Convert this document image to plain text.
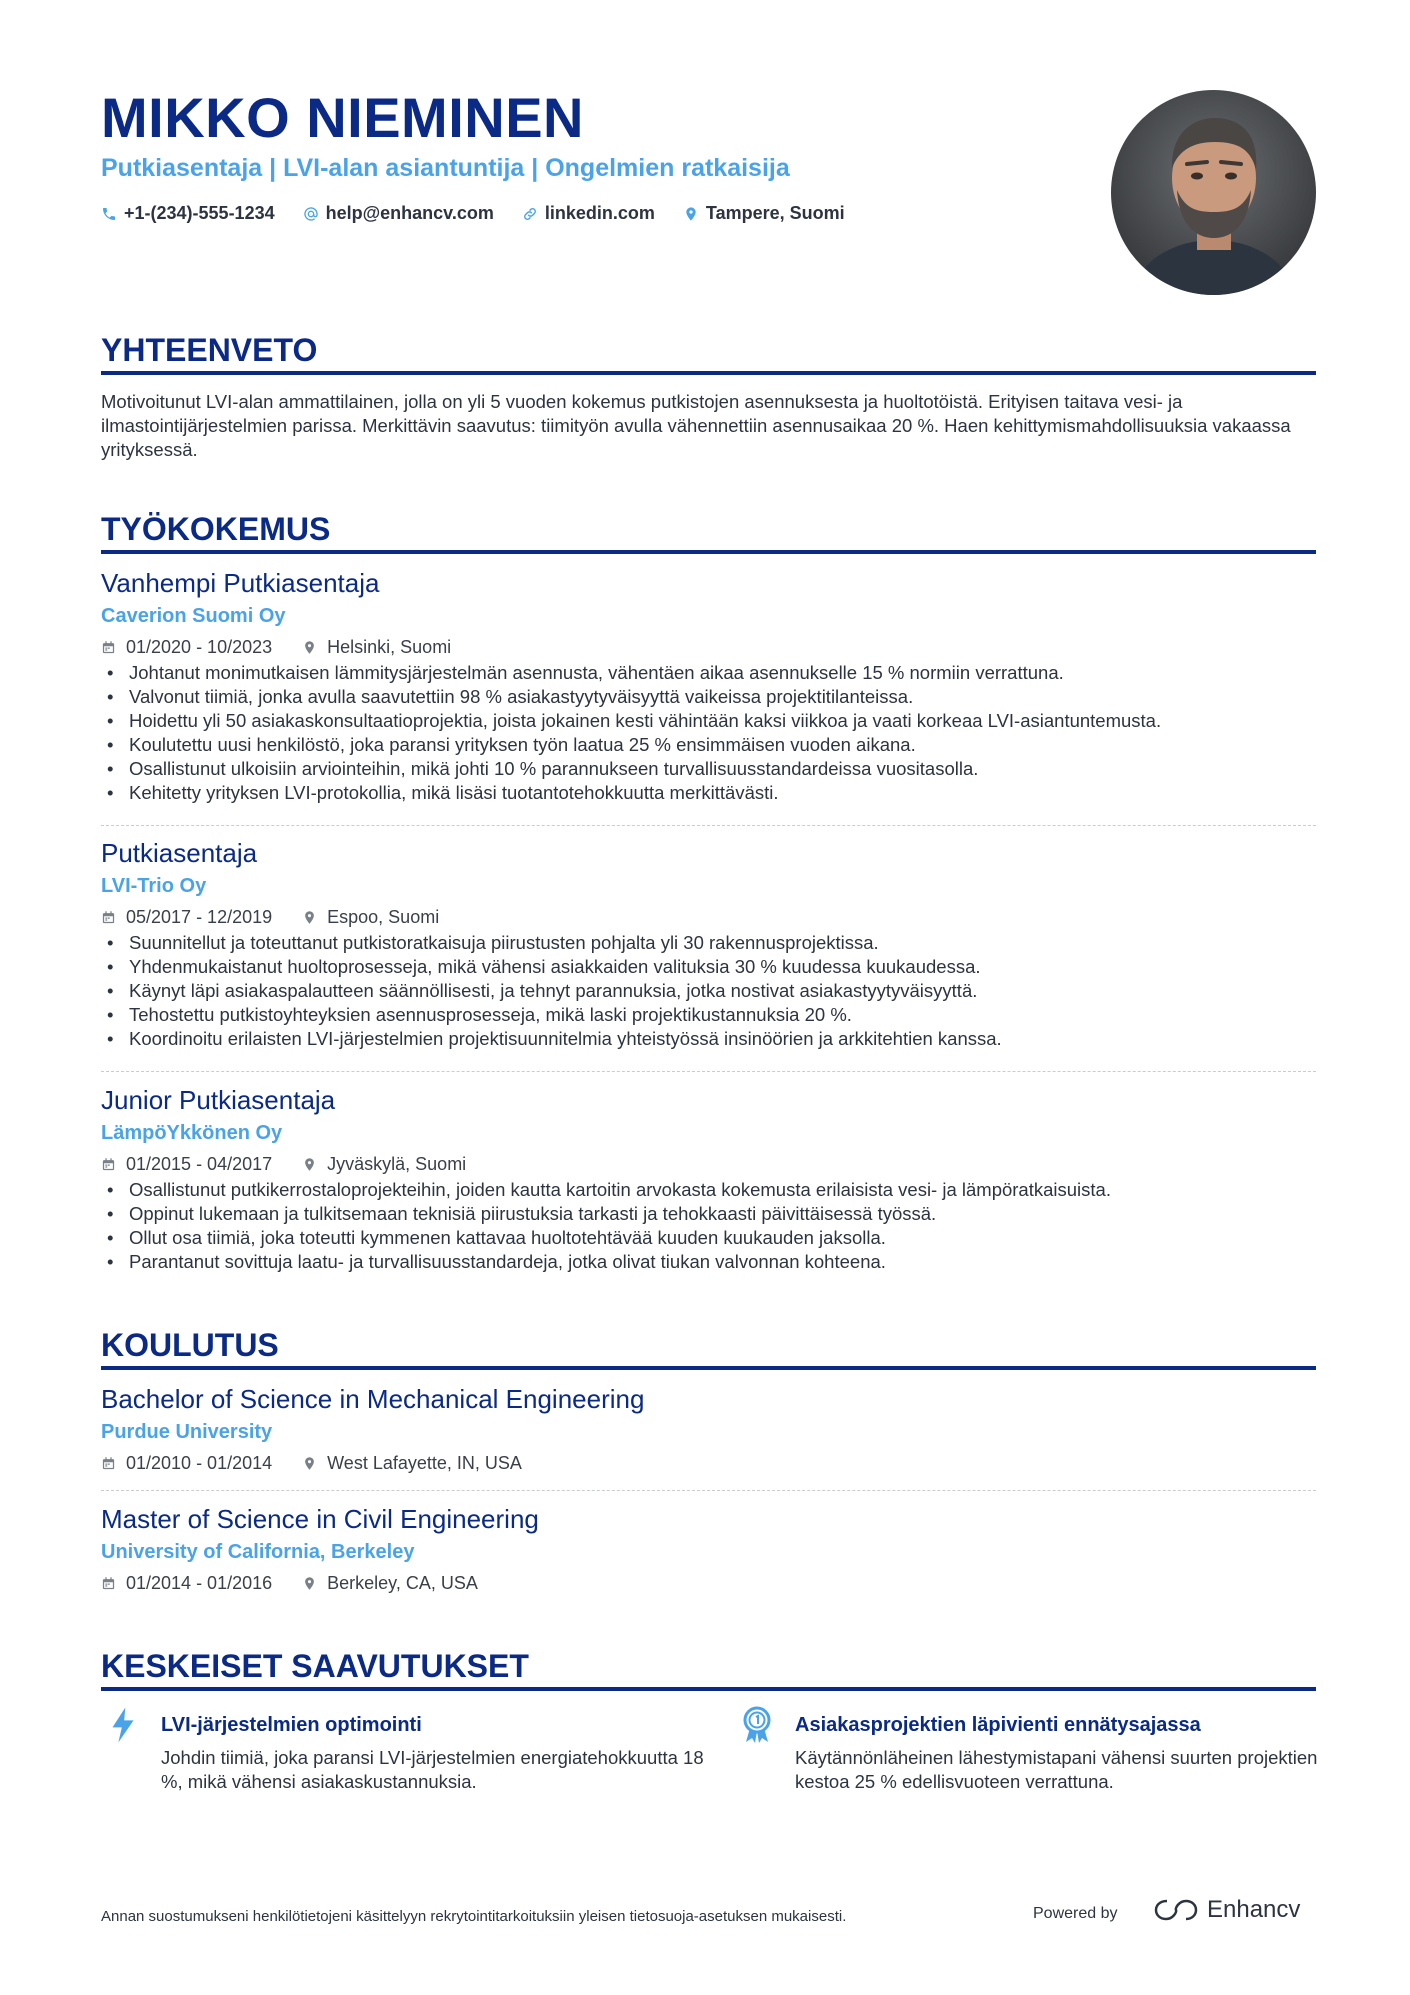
MIKKO NIEMINEN
Putkiasentaja | LVI-alan asiantuntija | Ongelmien ratkaisija
+1-(234)-555-1234	help@enhancv.com	linkedin.com	Tampere, Suomi
YHTEENVETO
Motivoitunut LVI-alan ammattilainen, jolla on yli 5 vuoden kokemus putkistojen asennuksesta ja huoltotöistä. Erityisen taitava vesi- ja ilmastointijärjestelmien parissa. Merkittävin saavutus: tiimityön avulla vähennettiin asennusaikaa 20 %. Haen kehittymismahdollisuuksia vakaassa yrityksessä.
TYÖKOKEMUS
Vanhempi Putkiasentaja
Caverion Suomi Oy
01/2020 - 10/2023	Helsinki, Suomi
• Johtanut monimutkaisen lämmitysjärjestelmän asennusta, vähentäen aikaa asennukselle 15 % normiin verrattuna.
• Valvonut tiimiä, jonka avulla saavutettiin 98 % asiakastyytyväisyyttä vaikeissa projektitilanteissa.
• Hoidettu yli 50 asiakaskonsultaatioprojektia, joista jokainen kesti vähintään kaksi viikkoa ja vaati korkeaa LVI-asiantuntemusta.
• Koulutettu uusi henkilöstö, joka paransi yrityksen työn laatua 25 % ensimmäisen vuoden aikana.
• Osallistunut ulkoisiin arviointeihin, mikä johti 10 % parannukseen turvallisuusstandardeissa vuositasolla.
• Kehitetty yrityksen LVI-protokollia, mikä lisäsi tuotantotehokkuutta merkittävästi.
Putkiasentaja
LVI-Trio Oy
05/2017 - 12/2019	Espoo, Suomi
• Suunnitellut ja toteuttanut putkistoratkaisuja piirustusten pohjalta yli 30 rakennusprojektissa.
• Yhdenmukaistanut huoltoprosesseja, mikä vähensi asiakkaiden valituksia 30 % kuudessa kuukaudessa.
• Käynyt läpi asiakaspalautteen säännöllisesti, ja tehnyt parannuksia, jotka nostivat asiakastyytyväisyyttä.
• Tehostettu putkistoyhteyksien asennusprosesseja, mikä laski projektikustannuksia 20 %.
• Koordinoitu erilaisten LVI-järjestelmien projektisuunnitelmia yhteistyössä insinöörien ja arkkitehtien kanssa.
Junior Putkiasentaja
LämpöYkkönen Oy
01/2015 - 04/2017	Jyväskylä, Suomi
• Osallistunut putkikerrostaloprojekteihin, joiden kautta kartoitin arvokasta kokemusta erilaisista vesi- ja lämpöratkaisuista.
• Oppinut lukemaan ja tulkitsemaan teknisiä piirustuksia tarkasti ja tehokkaasti päivittäisessä työssä.
• Ollut osa tiimiä, joka toteutti kymmenen kattavaa huoltotehtävää kuuden kuukauden jaksolla.
• Parantanut sovittuja laatu- ja turvallisuusstandardeja, jotka olivat tiukan valvonnan kohteena.
KOULUTUS
Bachelor of Science in Mechanical Engineering
Purdue University
01/2010 - 01/2014	West Lafayette, IN, USA
Master of Science in Civil Engineering
University of California, Berkeley
01/2014 - 01/2016	Berkeley, CA, USA
KESKEISET SAAVUTUKSET
LVI-järjestelmien optimointi
Johdin tiimiä, joka paransi LVI-järjestelmien energiatehokkuutta 18 %, mikä vähensi asiakaskustannuksia.
Asiakasprojektien läpivienti ennätysajassa
Käytännönläheinen lähestymistapani vähensi suurten projektien kestoa 25 % edellisvuoteen verrattuna.
Annan suostumukseni henkilötietojeni käsittelyyn rekrytointitarkoituksiin yleisen tietosuoja-asetuksen mukaisesti.	Powered by	Enhancv
